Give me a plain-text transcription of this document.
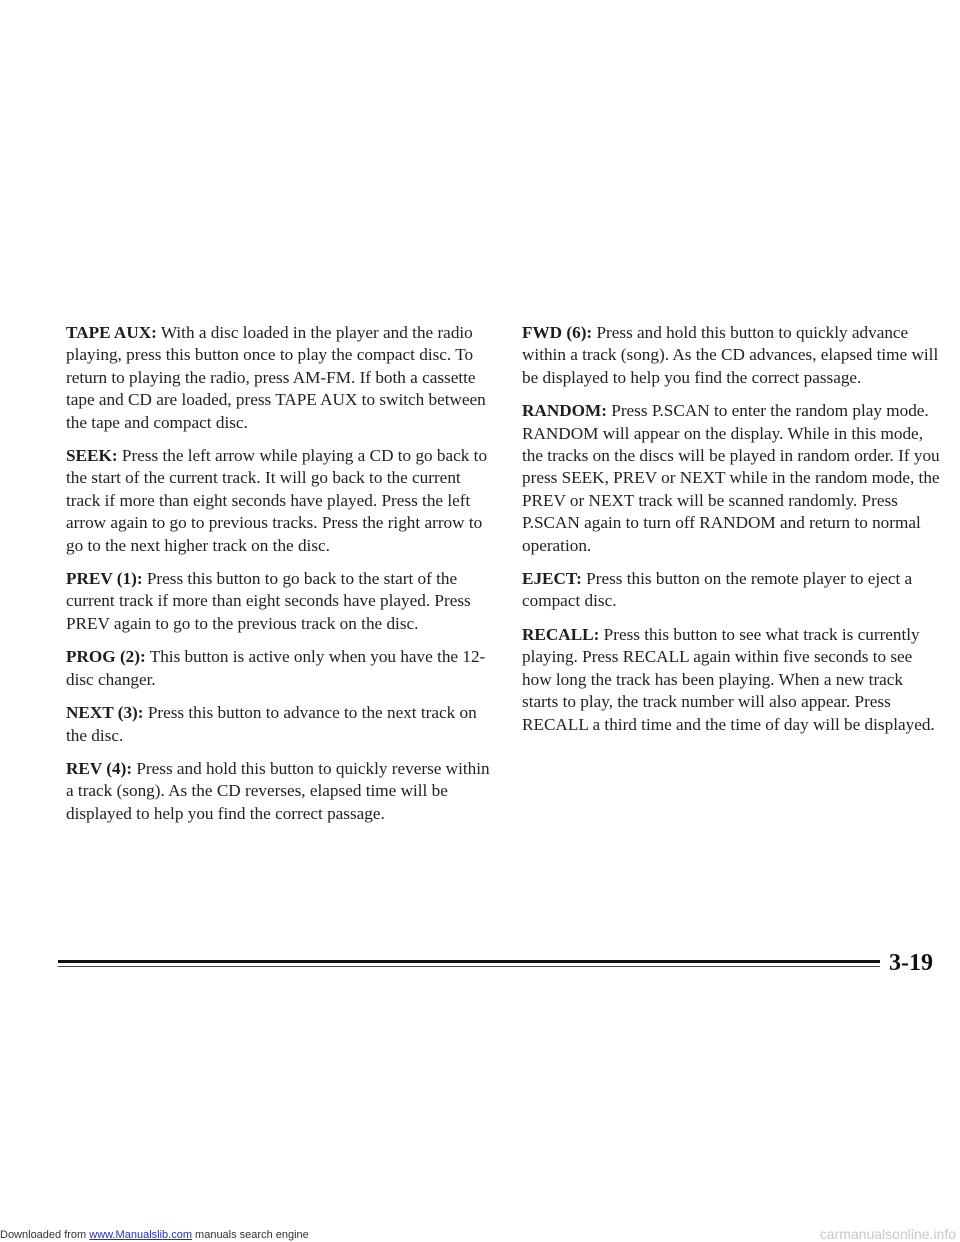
TAPE AUX: With a disc loaded in the player and the radio playing, press this button once to play the compact disc. To return to playing the radio, press AM-FM. If both a cassette tape and CD are loaded, press TAPE AUX to switch between the tape and compact disc.

SEEK: Press the left arrow while playing a CD to go back to the start of the current track. It will go back to the current track if more than eight seconds have played. Press the left arrow again to go to previous tracks. Press the right arrow to go to the next higher track on the disc.

PREV (1): Press this button to go back to the start of the current track if more than eight seconds have played. Press PREV again to go to the previous track on the disc.

PROG (2): This button is active only when you have the 12-disc changer.

NEXT (3): Press this button to advance to the next track on the disc.

REV (4): Press and hold this button to quickly reverse within a track (song). As the CD reverses, elapsed time will be displayed to help you find the correct passage.

FWD (6): Press and hold this button to quickly advance within a track (song). As the CD advances, elapsed time will be displayed to help you find the correct passage.

RANDOM: Press P.SCAN to enter the random play mode. RANDOM will appear on the display. While in this mode, the tracks on the discs will be played in random order. If you press SEEK, PREV or NEXT while in the random mode, the PREV or NEXT track will be scanned randomly. Press P.SCAN again to turn off RANDOM and return to normal operation.

EJECT: Press this button on the remote player to eject a compact disc.

RECALL: Press this button to see what track is currently playing. Press RECALL again within five seconds to see how long the track has been playing. When a new track starts to play, the track number will also appear. Press RECALL a third time and the time of day will be displayed.

3-19
Downloaded from www.Manualslib.com manuals search engine	carmanualsonline.info
